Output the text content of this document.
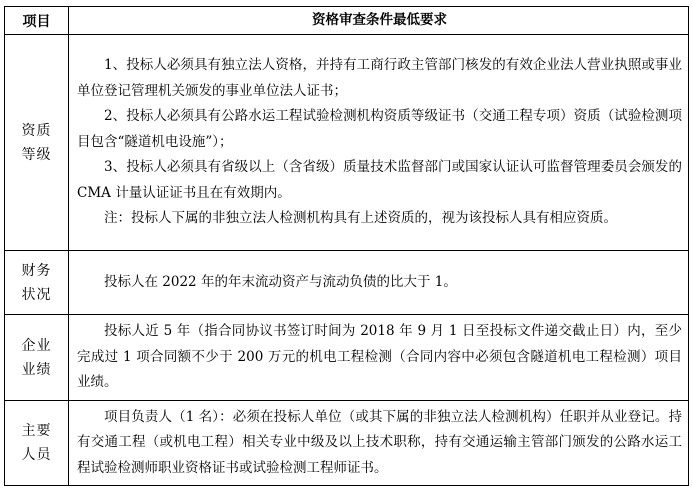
项目	资格审查条件最低要求
资质
等级

1、投标人必须具有独立法人资格，并持有工商行政主管部门核发的有效企业法人营业执照或事业单位登记管理机关颁发的事业单位法人证书；

2、投标人必须具有公路水运工程试验检测机构资质等级证书（交通工程专项）资质（试验检测项目包含“隧道机电设施”）；

3、投标人必须具有省级以上（含省级）质量技术监督部门或国家认证认可监督管理委员会颁发的 CMA 计量认证证书且在有效期内。

注：投标人下属的非独立法人检测机构具有上述资质的，视为该投标人具有相应资质。

财务
状况

投标人在 2022 年的年末流动资产与流动负债的比大于 1。

企业
业绩

投标人近 5 年（指合同协议书签订时间为 2018 年 9 月 1 日至投标文件递交截止日）内，至少完成过 1 项合同额不少于 200 万元的机电工程检测（合同内容中必须包含隧道机电工程检测）项目业绩。

主要
人员

项目负责人（1 名）：必须在投标人单位（或其下属的非独立法人检测机构）任职并从业登记。持有交通工程（或机电工程）相关专业中级及以上技术职称，持有交通运输主管部门颁发的公路水运工程试验检测师职业资格证书或试验检测工程师证书。
